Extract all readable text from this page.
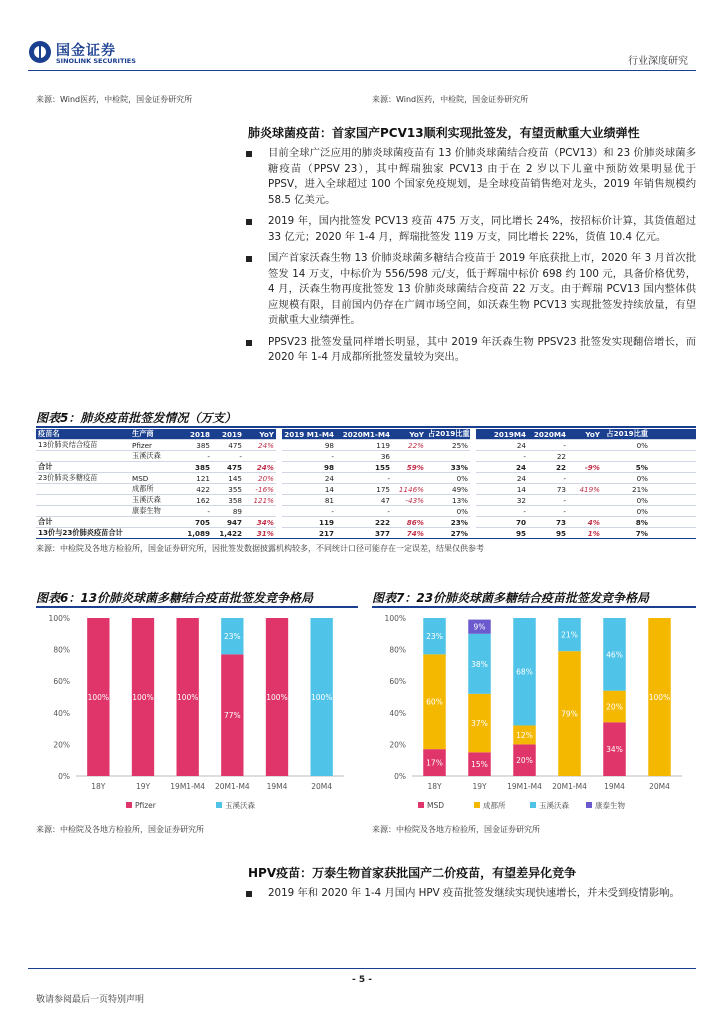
国金证券
SINOLINK SECURITIES	行业深度研究
来源：Wind医药，中检院，国金证券研究所	来源：Wind医药，中检院，国金证券研究所
肺炎球菌疫苗：首家国产PCV13顺利实现批签发，有望贡献重大业绩弹性
目前全球广泛应用的肺炎球菌疫苗有 13 价肺炎球菌结合疫苗（PCV13）和 23 价肺炎球菌多糖疫苗（PPSV 23），其中辉瑞独家 PCV13 由于在 2 岁以下儿童中预防效果明显优于 PPSV，进入全球超过 100 个国家免疫规划，是全球疫苗销售绝对龙头，2019 年销售规模约 58.5 亿美元。
2019 年，国内批签发 PCV13 疫苗 475 万支，同比增长 24%，按招标价计算，其货值超过 33 亿元；2020 年 1-4 月，辉瑞批签发 119 万支，同比增长 22%，货值 10.4 亿元。
国产首家沃森生物 13 价肺炎球菌多糖结合疫苗于 2019 年底获批上市，2020 年 3 月首次批签发 14 万支，中标价为 556/598 元/支，低于辉瑞中标价 698 约 100 元，具备价格优势，4 月，沃森生物再度批签发 13 价肺炎球菌结合疫苗 22 万支。由于辉瑞 PCV13 国内整体供应规模有限，目前国内仍存在广阔市场空间，如沃森生物 PCV13 实现批签发持续放量，有望贡献重大业绩弹性。
PPSV23 批签发量同样增长明显，其中 2019 年沃森生物 PPSV23 批签发实现翻倍增长，而 2020 年 1-4 月成都所批签发量较为突出。
图表5：肺炎疫苗批签发情况（万支）
疫苗名	生产商	2018	2019	YoY		2019 M1-M4	2020M1-M4	YoY	占2019比重		2019M4	2020M4	YoY	占2019比重	
13价肺炎结合疫苗	Pfizer	385	475	24%		98	119	22%	25%		24	-		0%	
	玉溪沃森	-	-			-	36				-	22			
合计		385	475	24%		98	155	59%	33%		24	22	-9%	5%	
23价肺炎多糖疫苗	MSD	121	145	20%		24	-		0%		24	-		0%	
	成都所	422	355	-16%		14	175	1146%	49%		14	73	419%	21%	
	玉溪沃森	162	358	121%		81	47	-43%	13%		32	-		0%	
	康泰生物	-	89			-	-		0%		-	-		0%	
合计		705	947	34%		119	222	86%	23%		70	73	4%	8%	
13价与23价肺炎疫苗合计		1,089	1,422	31%		217	377	74%	27%		95	95	1%	7%	
来源：中检院及各地方检验所，国金证券研究所，因批签发数据披露机构较多，不同统计口径可能存在一定误差，结果仅供参考
图表6：13价肺炎球菌多糖结合疫苗批签发竞争格局	图表7：23价肺炎球菌多糖结合疫苗批签发竞争格局
0%
20%
40%
60%
80%
100%
100%
18Y
100%
19Y
100%
19M1-M4
77%
23%
20M1-M4
100%
19M4
100%
20M4
Pfizer	玉溪沃森
0%
20%
40%
60%
80%
100%
17%
60%
23%
18Y
15%
37%
38%
9%
19Y
20%
12%
68%
19M1-M4
79%
21%
20M1-M4
34%
20%
46%
19M4
100%
20M4
MSD	成都所	玉溪沃森	康泰生物
来源：中检院及各地方检验所，国金证券研究所	来源：中检院及各地方检验所，国金证券研究所
HPV疫苗：万泰生物首家获批国产二价疫苗，有望差异化竞争
2019 年和 2020 年 1-4 月国内 HPV 疫苗批签发继续实现快速增长，并未受到疫情影响。
- 5 -
敬请参阅最后一页特别声明
